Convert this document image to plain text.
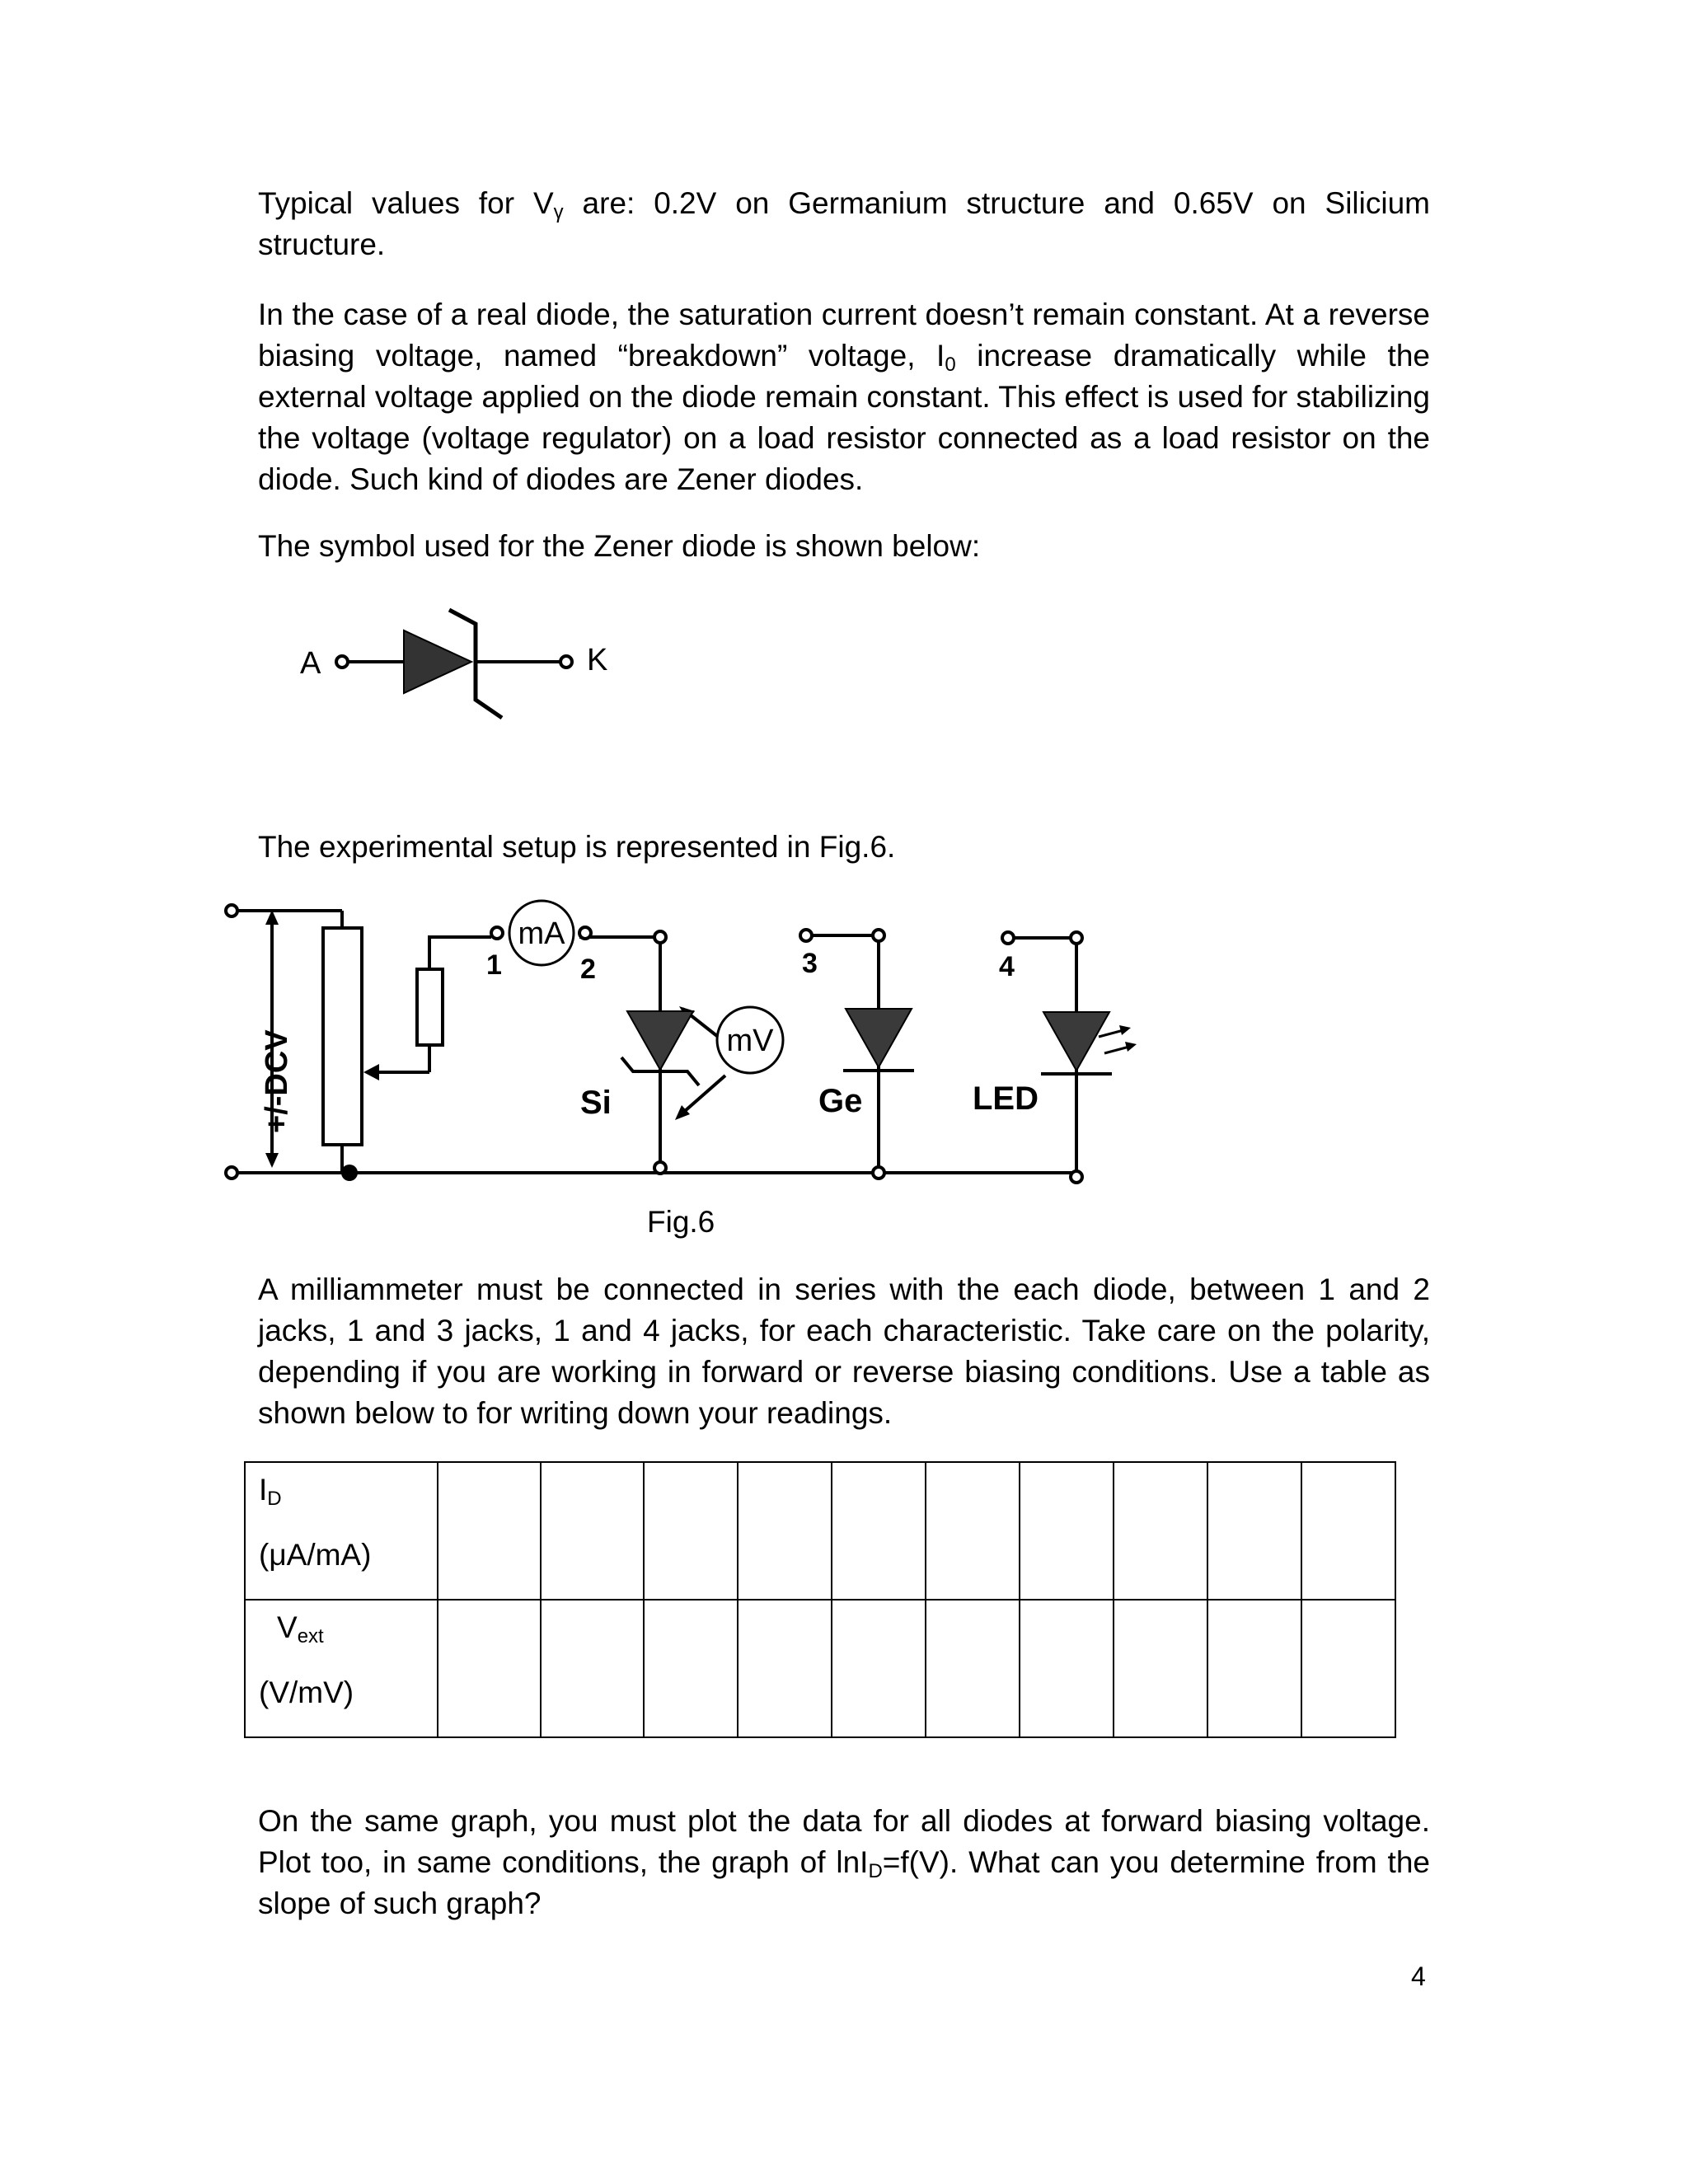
Typical values for $V_\gamma$ are: 0.2V on Germanium structure and 0.65V on Silicium structure.

In the case of a real diode, the saturation current doesn’t remain constant. At a reverse biasing voltage, named “breakdown” voltage, $I_0$ increase dramatically while the external voltage applied on the diode remain constant. This effect is used for stabilizing the voltage (voltage regulator) on a load resistor connected as a load resistor on the diode. Such kind of diodes are Zener diodes.

The symbol used for the Zener diode is shown below:

A	K

The experimental setup is represented in Fig.6.

mA
mV
1	2	3	4
Si	Ge	LED
+/-DCV
Fig.6

A milliammeter must be connected in series with the each diode, between 1 and 2 jacks, 1 and 3 jacks, 1 and 4 jacks, for each characteristic. Take care on the polarity, depending if you are working in forward or reverse biasing conditions. Use a table as shown below to for writing down your readings.

$I_D$
(μA/mA)										

$V_{ext}$
(V/mV)										

On the same graph, you must plot the data for all diodes at forward biasing voltage. Plot too, in same conditions, the graph of lnI$_D$=f(V). What can you determine from the slope of such graph?

4
